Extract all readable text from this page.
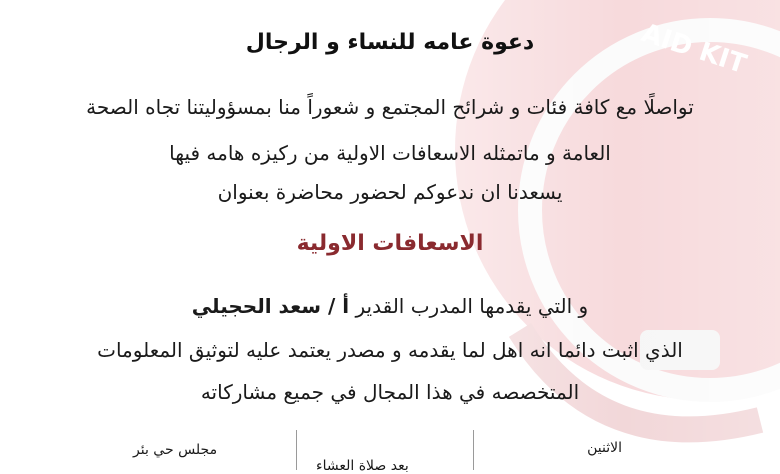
دعوة عامه للنساء و الرجال
تواصلًا مع كافة فئات و شرائح المجتمع و شعوراً منا بمسؤوليتنا تجاه الصحة
العامة و ماتمثله الاسعافات الاولية من ركيزه هامه فيها
يسعدنا ان ندعوكم لحضور محاضرة بعنوان
الاسعافات الاولية
و التي يقدمها المدرب القدير أ / سعد الحجيلي
الذي اثبت دائما انه اهل لما يقدمه و مصدر يعتمد عليه لتوثيق المعلومات
المتخصصه في هذا المجال في جميع مشاركاته
الاثنين
بعد صلاة العشاء
مجلس حي بئر
